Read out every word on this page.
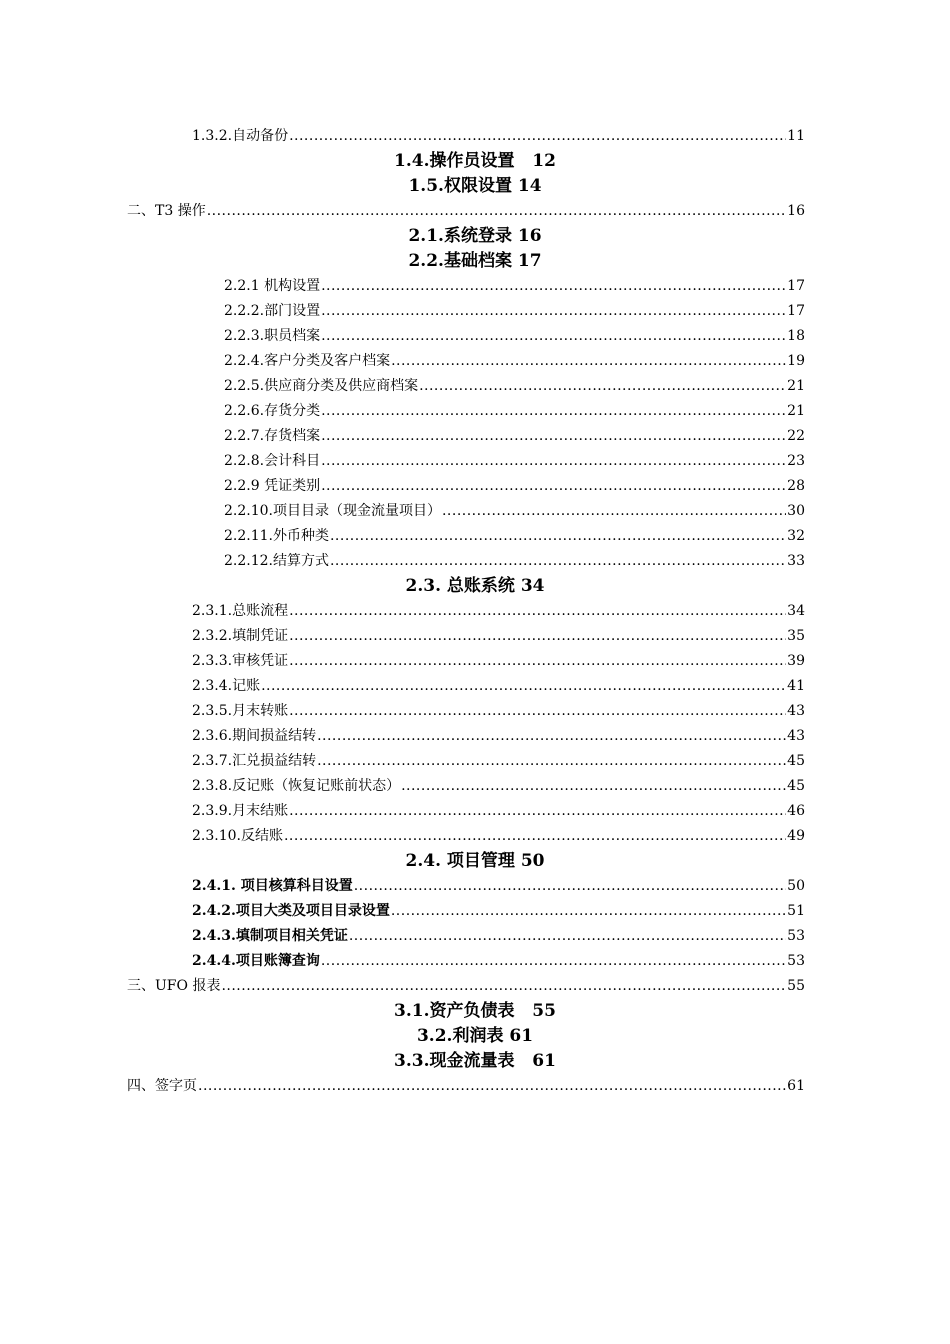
1.3.2.自动备份 .....	11
1.4.操作员设置   12
1.5.权限设置 14
二、T3 操作 .....	16
2.1.系统登录 16
2.2.基础档案 17
2.2.1 机构设置 .....	17
2.2.2.部门设置 .....	17
2.2.3.职员档案 .....	18
2.2.4.客户分类及客户档案 .....	19
2.2.5.供应商分类及供应商档案 .....	21
2.2.6.存货分类 .....	21
2.2.7.存货档案 .....	22
2.2.8.会计科目 .....	23
2.2.9 凭证类别 .....	28
2.2.10.项目目录（现金流量项目） .....	30
2.2.11.外币种类 .....	32
2.2.12.结算方式 .....	33
2.3. 总账系统 34
2.3.1.总账流程 .....	34
2.3.2.填制凭证 .....	35
2.3.3.审核凭证 .....	39
2.3.4.记账 .....	41
2.3.5.月末转账 .....	43
2.3.6.期间损益结转 .....	43
2.3.7.汇兑损益结转 .....	45
2.3.8.反记账（恢复记账前状态） .....	45
2.3.9.月末结账 .....	46
2.3.10.反结账 .....	49
2.4. 项目管理 50
2.4.1. 项目核算科目设置 .....	50
2.4.2.项目大类及项目目录设置 .....	51
2.4.3.填制项目相关凭证 .....	53
2.4.4.项目账簿查询 .....	53
三、UFO 报表 .....	55
3.1.资产负债表   55
3.2.利润表 61
3.3.现金流量表   61
四、签字页 .....	61
